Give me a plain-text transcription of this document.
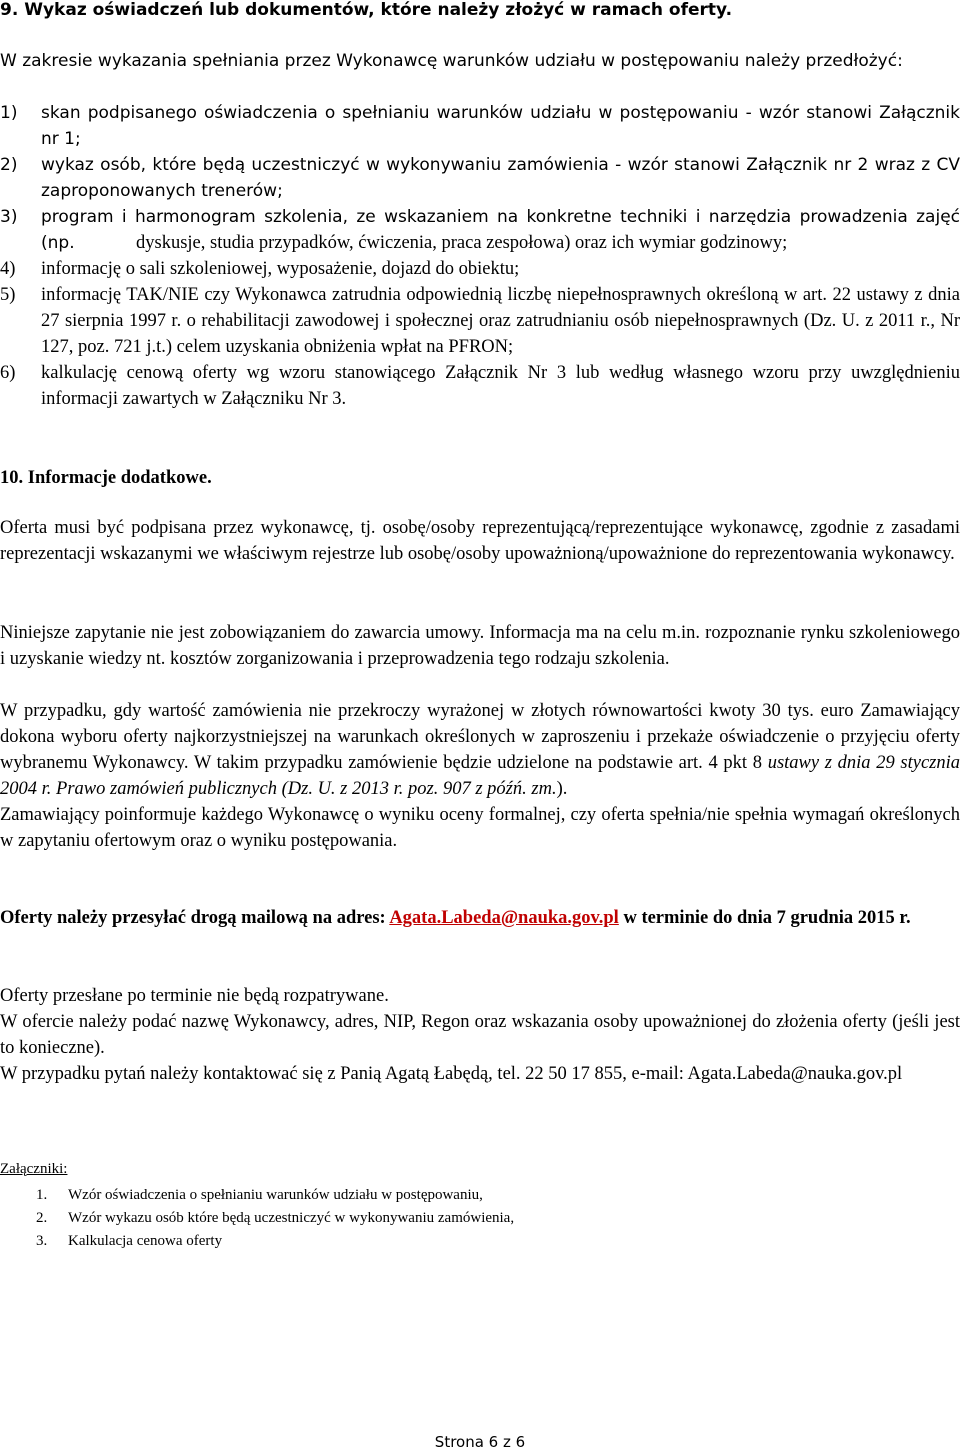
9. Wykaz oświadczeń lub dokumentów, które należy złożyć w ramach oferty.

W zakresie wykazania spełniania przez Wykonawcę warunków udziału w postępowaniu należy przedłożyć:

1) skan podpisanego oświadczenia o spełnianiu warunków udziału w postępowaniu - wzór stanowi Załącznik nr 1;
2) wykaz osób, które będą uczestniczyć w wykonywaniu zamówienia - wzór stanowi Załącznik nr 2 wraz z CV zaproponowanych trenerów;
3) program i harmonogram szkolenia, ze wskazaniem na konkretne techniki i narzędzia prowadzenia zajęć (np.	dyskusje, studia przypadków, ćwiczenia, praca zespołowa) oraz ich wymiar godzinowy;
4) informację o sali szkoleniowej, wyposażenie, dojazd do obiektu;
5) informację TAK/NIE czy Wykonawca zatrudnia odpowiednią liczbę niepełnosprawnych określoną w art. 22 ustawy z dnia 27 sierpnia 1997 r. o rehabilitacji zawodowej i społecznej oraz zatrudnianiu osób niepełnosprawnych (Dz. U. z 2011 r., Nr 127, poz. 721 j.t.) celem uzyskania obniżenia wpłat na PFRON;
6) kalkulację cenową oferty wg wzoru stanowiącego Załącznik Nr 3 lub według własnego wzoru przy uwzględnieniu informacji zawartych w Załączniku Nr 3.
10. Informacje dodatkowe.

Oferta musi być podpisana przez wykonawcę, tj. osobę/osoby reprezentującą/reprezentujące wykonawcę, zgodnie z zasadami reprezentacji wskazanymi we właściwym rejestrze lub osobę/osoby upoważnioną/upoważnione do reprezentowania wykonawcy.

Niniejsze zapytanie nie jest zobowiązaniem do zawarcia umowy. Informacja ma na celu m.in. rozpoznanie rynku szkoleniowego i uzyskanie wiedzy nt. kosztów zorganizowania i przeprowadzenia tego rodzaju szkolenia.

W przypadku, gdy wartość zamówienia nie przekroczy wyrażonej w złotych równowartości kwoty 30 tys. euro Zamawiający dokona wyboru oferty najkorzystniejszej na warunkach określonych w zaproszeniu i przekaże oświadczenie o przyjęciu oferty wybranemu Wykonawcy. W takim przypadku zamówienie będzie udzielone na podstawie art. 4 pkt 8 ustawy z dnia 29 stycznia 2004 r. Prawo zamówień publicznych (Dz. U. z 2013 r. poz. 907 z późń. zm.).

Zamawiający poinformuje każdego Wykonawcę o wyniku oceny formalnej, czy oferta spełnia/nie spełnia wymagań określonych w zapytaniu ofertowym oraz o wyniku postępowania.

Oferty należy przesyłać drogą mailową na adres: Agata.Labeda@nauka.gov.pl w terminie do dnia 7 grudnia 2015 r.

Oferty przesłane po terminie nie będą rozpatrywane.

W ofercie należy podać nazwę Wykonawcy, adres, NIP, Regon oraz wskazania osoby upoważnionej do złożenia oferty (jeśli jest to konieczne).

W przypadku pytań należy kontaktować się z Panią Agatą Łabędą, tel. 22 50 17 855, e-mail: Agata.Labeda@nauka.gov.pl

Załączniki:
1. Wzór oświadczenia o spełnianiu warunków udziału w postępowaniu,
2. Wzór wykazu osób które będą uczestniczyć w wykonywaniu zamówienia,
3. Kalkulacja cenowa oferty
Strona 6 z 6
